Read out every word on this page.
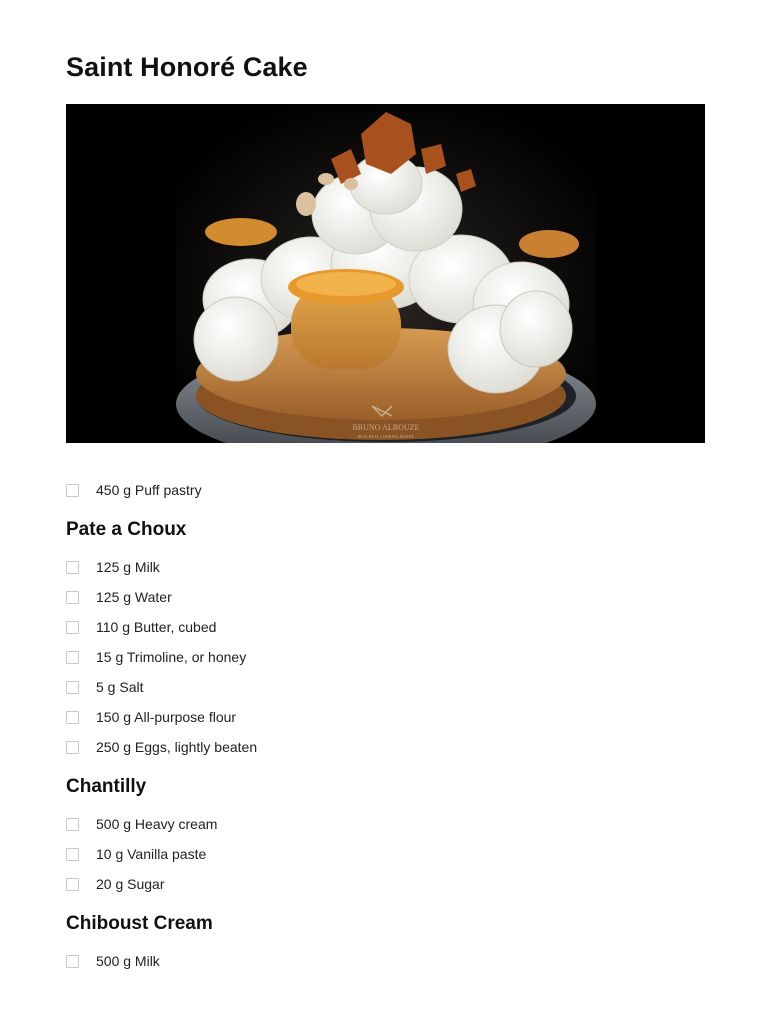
Saint Honoré Cake
BRUNO ALBOUZE
REAL REAL COOKING PASTRY
450 g Puff pastry
Pate a Choux
125 g Milk
125 g Water
110 g Butter, cubed
15 g Trimoline, or honey
5 g Salt
150 g All-purpose flour
250 g Eggs, lightly beaten
Chantilly
500 g Heavy cream
10 g Vanilla paste
20 g Sugar
Chiboust Cream
500 g Milk
